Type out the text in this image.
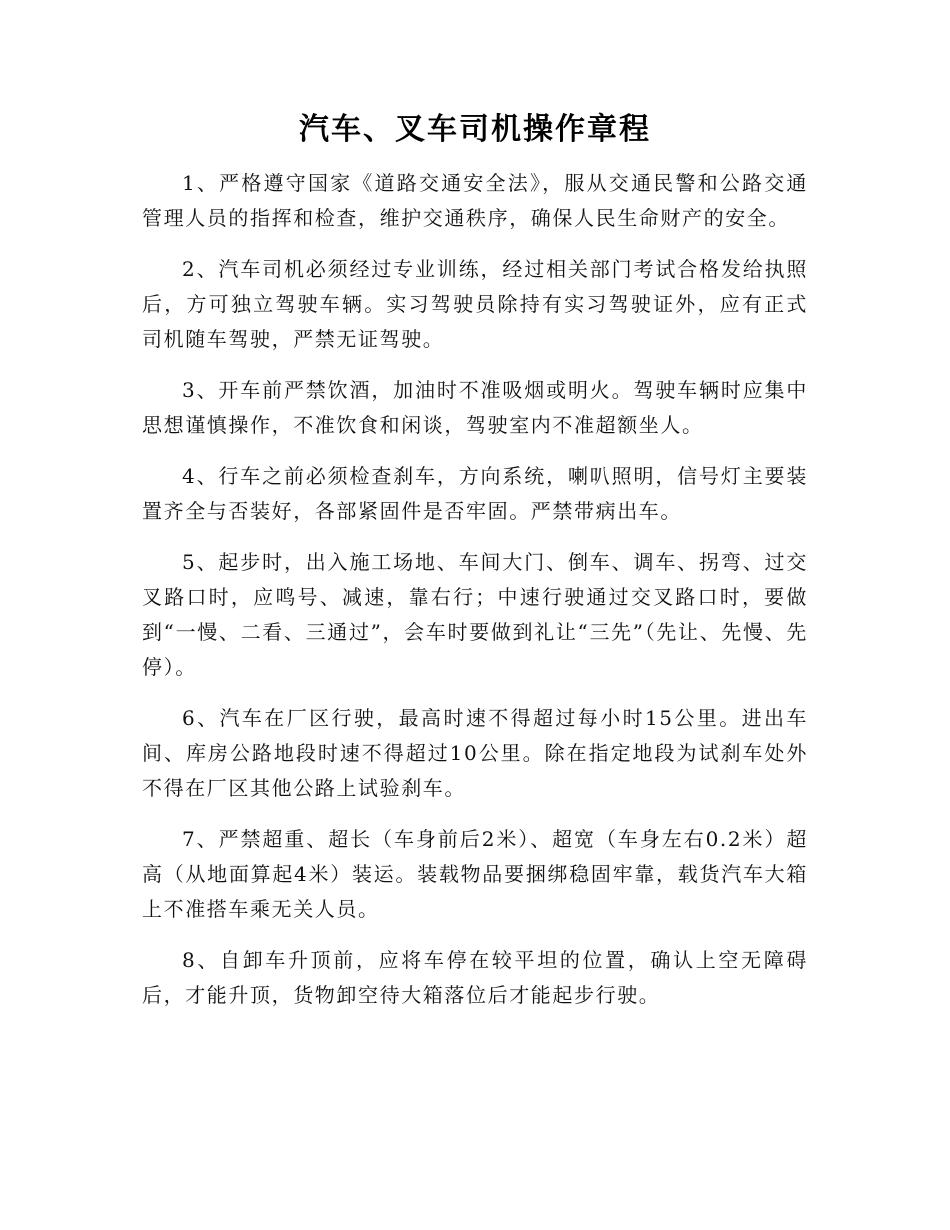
汽车、叉车司机操作章程

1、严格遵守国家《道路交通安全法》，服从交通民警和公路交通管理人员的指挥和检查，维护交通秩序，确保人民生命财产的安全。

2、汽车司机必须经过专业训练，经过相关部门考试合格发给执照后，方可独立驾驶车辆。实习驾驶员除持有实习驾驶证外，应有正式司机随车驾驶，严禁无证驾驶。

3、开车前严禁饮酒，加油时不准吸烟或明火。驾驶车辆时应集中思想谨慎操作，不准饮食和闲谈，驾驶室内不准超额坐人。

4、行车之前必须检查刹车，方向系统，喇叭照明，信号灯主要装置齐全与否装好，各部紧固件是否牢固。严禁带病出车。

5、起步时，出入施工场地、车间大门、倒车、调车、拐弯、过交叉路口时，应鸣号、减速，靠右行；中速行驶通过交叉路口时，要做到“一慢、二看、三通过”，会车时要做到礼让“三先”（先让、先慢、先停）。

6、汽车在厂区行驶，最高时速不得超过每小时15公里。进出车间、库房公路地段时速不得超过10公里。除在指定地段为试刹车处外不得在厂区其他公路上试验刹车。

7、严禁超重、超长（车身前后2米）、超宽（车身左右0.2米）超高（从地面算起4米）装运。装载物品要捆绑稳固牢靠，载货汽车大箱上不准搭车乘无关人员。

8、自卸车升顶前，应将车停在较平坦的位置，确认上空无障碍后，才能升顶，货物卸空待大箱落位后才能起步行驶。
